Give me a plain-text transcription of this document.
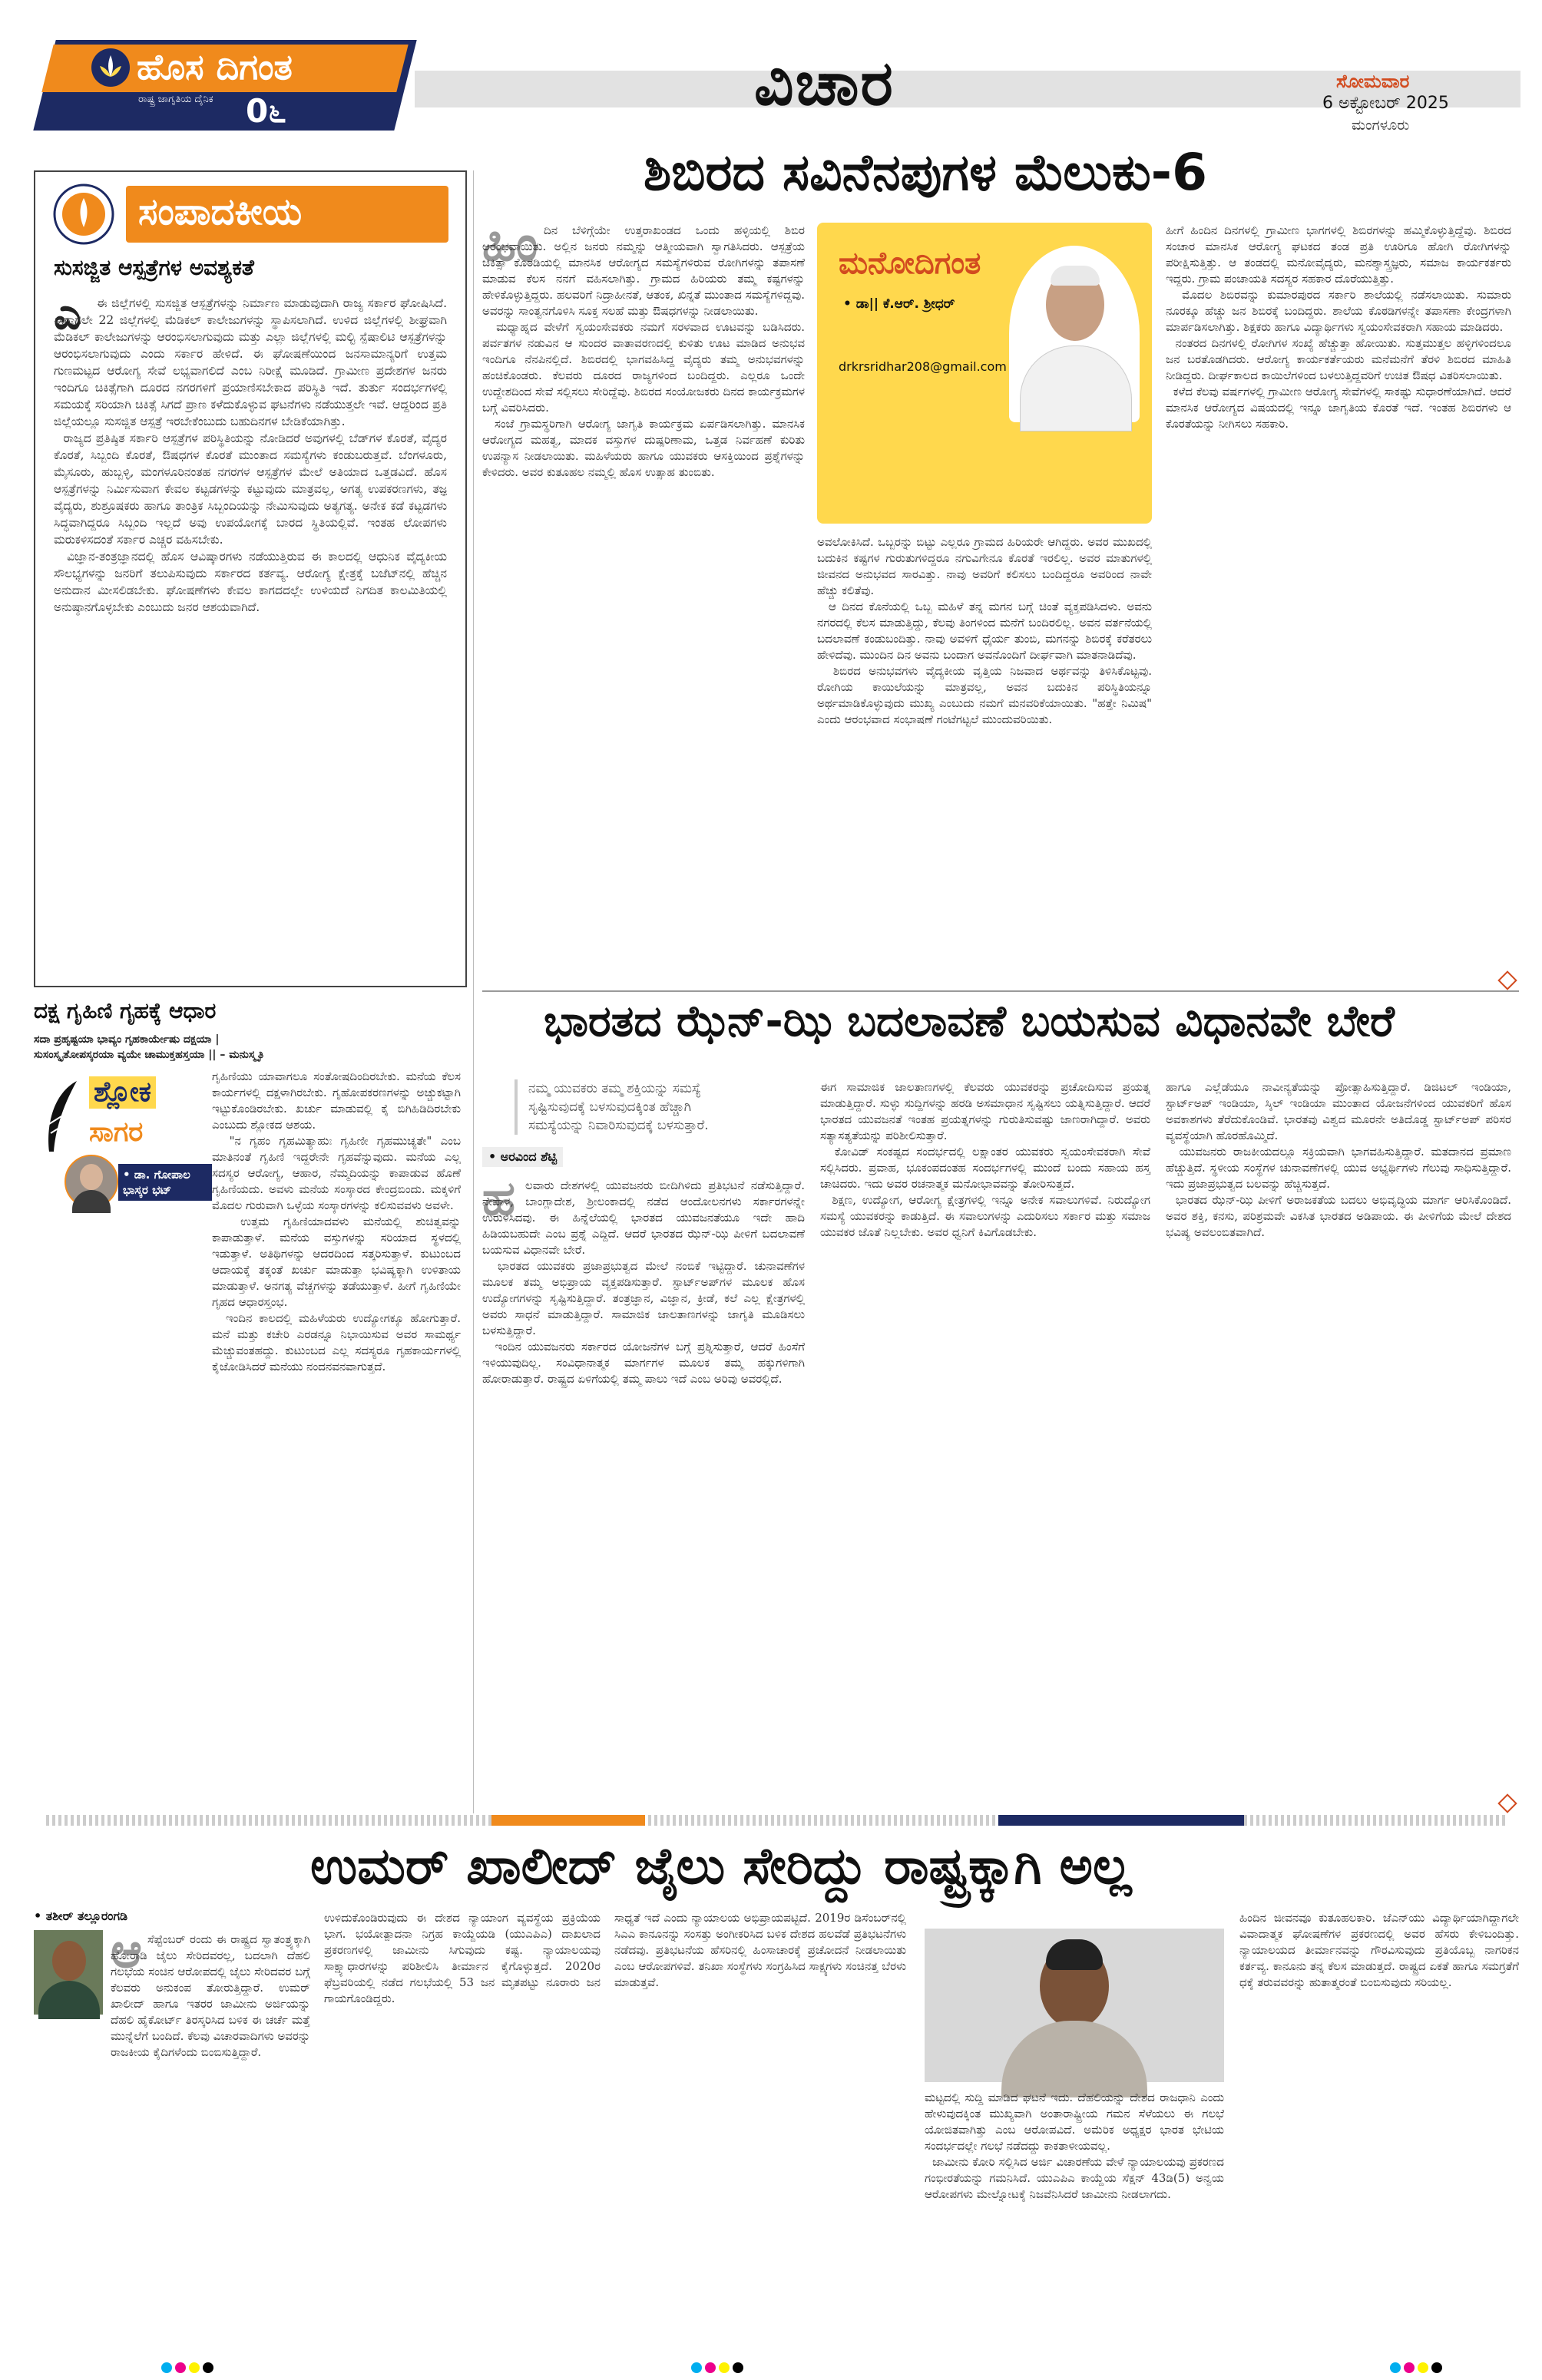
ಹೊಸ ದಿಗಂತ
ರಾಷ್ಟ್ರ ಜಾಗೃತಿಯ ದೈನಿಕ 0೬	ವಿಚಾರ	ಸೋಮವಾರ
6 ಅಕ್ಟೋಬರ್ 2025
ಮಂಗಳೂರು
ಸಂಪಾದಕೀಯ
ಸುಸಜ್ಜಿತ ಆಸ್ಪತ್ರೆಗಳ ಅವಶ್ಯಕತೆ
ಎ	ಈ ಜಿಲ್ಲೆಗಳಲ್ಲಿ ಸುಸಜ್ಜಿತ ಆಸ್ಪತ್ರೆಗಳನ್ನು ನಿರ್ಮಾಣ ಮಾಡುವುದಾಗಿ ರಾಜ್ಯ ಸರ್ಕಾರ ಘೋಷಿಸಿದೆ. ಈಗಾಗಲೇ 22 ಜಿಲ್ಲೆಗಳಲ್ಲಿ ಮೆಡಿಕಲ್ ಕಾಲೇಜುಗಳನ್ನು ಸ್ಥಾಪಿಸಲಾಗಿದೆ. ಉಳಿದ ಜಿಲ್ಲೆಗಳಲ್ಲಿ ಶೀಘ್ರವಾಗಿ ಮೆಡಿಕಲ್ ಕಾಲೇಜುಗಳನ್ನು ಆರಂಭಿಸಲಾಗುವುದು ಮತ್ತು ಎಲ್ಲಾ ಜಿಲ್ಲೆಗಳಲ್ಲಿ ಮಲ್ಟಿ ಸ್ಪೆಷಾಲಿಟಿ ಆಸ್ಪತ್ರೆಗಳನ್ನು ಆರಂಭಿಸಲಾಗುವುದು ಎಂದು ಸರ್ಕಾರ ಹೇಳಿದೆ. ಈ ಘೋಷಣೆಯಿಂದ ಜನಸಾಮಾನ್ಯರಿಗೆ ಉತ್ತಮ ಗುಣಮಟ್ಟದ ಆರೋಗ್ಯ ಸೇವೆ ಲಭ್ಯವಾಗಲಿದೆ ಎಂಬ ನಿರೀಕ್ಷೆ ಮೂಡಿದೆ. ಗ್ರಾಮೀಣ ಪ್ರದೇಶಗಳ ಜನರು ಇಂದಿಗೂ ಚಿಕಿತ್ಸೆಗಾಗಿ ದೂರದ ನಗರಗಳಿಗೆ ಪ್ರಯಾಣಿಸಬೇಕಾದ ಪರಿಸ್ಥಿತಿ ಇದೆ. ತುರ್ತು ಸಂದರ್ಭಗಳಲ್ಲಿ ಸಮಯಕ್ಕೆ ಸರಿಯಾಗಿ ಚಿಕಿತ್ಸೆ ಸಿಗದೆ ಪ್ರಾಣ ಕಳೆದುಕೊಳ್ಳುವ ಘಟನೆಗಳು ನಡೆಯುತ್ತಲೇ ಇವೆ. ಆದ್ದರಿಂದ ಪ್ರತಿ ಜಿಲ್ಲೆಯಲ್ಲೂ ಸುಸಜ್ಜಿತ ಆಸ್ಪತ್ರೆ ಇರಬೇಕೆಂಬುದು ಬಹುದಿನಗಳ ಬೇಡಿಕೆಯಾಗಿತ್ತು.
ರಾಜ್ಯದ ಪ್ರತಿಷ್ಠಿತ ಸರ್ಕಾರಿ ಆಸ್ಪತ್ರೆಗಳ ಪರಿಸ್ಥಿತಿಯನ್ನು ನೋಡಿದರೆ ಅವುಗಳಲ್ಲಿ ಬೆಡ್‌ಗಳ ಕೊರತೆ, ವೈದ್ಯರ ಕೊರತೆ, ಸಿಬ್ಬಂದಿ ಕೊರತೆ, ಔಷಧಗಳ ಕೊರತೆ ಮುಂತಾದ ಸಮಸ್ಯೆಗಳು ಕಂಡುಬರುತ್ತವೆ. ಬೆಂಗಳೂರು, ಮೈಸೂರು, ಹುಬ್ಬಳ್ಳಿ, ಮಂಗಳೂರಿನಂತಹ ನಗರಗಳ ಆಸ್ಪತ್ರೆಗಳ ಮೇಲೆ ಅತಿಯಾದ ಒತ್ತಡವಿದೆ. ಹೊಸ ಆಸ್ಪತ್ರೆಗಳನ್ನು ನಿರ್ಮಿಸುವಾಗ ಕೇವಲ ಕಟ್ಟಡಗಳನ್ನು ಕಟ್ಟುವುದು ಮಾತ್ರವಲ್ಲ, ಅಗತ್ಯ ಉಪಕರಣಗಳು, ತಜ್ಞ ವೈದ್ಯರು, ಶುಶ್ರೂಷಕರು ಹಾಗೂ ತಾಂತ್ರಿಕ ಸಿಬ್ಬಂದಿಯನ್ನು ನೇಮಿಸುವುದು ಅತ್ಯಗತ್ಯ. ಅನೇಕ ಕಡೆ ಕಟ್ಟಡಗಳು ಸಿದ್ಧವಾಗಿದ್ದರೂ ಸಿಬ್ಬಂದಿ ಇಲ್ಲದೆ ಅವು ಉಪಯೋಗಕ್ಕೆ ಬಾರದ ಸ್ಥಿತಿಯಲ್ಲಿವೆ. ಇಂತಹ ಲೋಪಗಳು ಮರುಕಳಿಸದಂತೆ ಸರ್ಕಾರ ಎಚ್ಚರ ವಹಿಸಬೇಕು.
ವಿಜ್ಞಾನ-ತಂತ್ರಜ್ಞಾನದಲ್ಲಿ ಹೊಸ ಆವಿಷ್ಕಾರಗಳು ನಡೆಯುತ್ತಿರುವ ಈ ಕಾಲದಲ್ಲಿ ಆಧುನಿಕ ವೈದ್ಯಕೀಯ ಸೌಲಭ್ಯಗಳನ್ನು ಜನರಿಗೆ ತಲುಪಿಸುವುದು ಸರ್ಕಾರದ ಕರ್ತವ್ಯ. ಆರೋಗ್ಯ ಕ್ಷೇತ್ರಕ್ಕೆ ಬಜೆಟ್‌ನಲ್ಲಿ ಹೆಚ್ಚಿನ ಅನುದಾನ ಮೀಸಲಿಡಬೇಕು. ಘೋಷಣೆಗಳು ಕೇವಲ ಕಾಗದದಲ್ಲೇ ಉಳಿಯದೆ ನಿಗದಿತ ಕಾಲಮಿತಿಯಲ್ಲಿ ಅನುಷ್ಠಾನಗೊಳ್ಳಬೇಕು ಎಂಬುದು ಜನರ ಆಶಯವಾಗಿದೆ.
ದಕ್ಷ ಗೃಹಿಣಿ ಗೃಹಕ್ಕೆ ಆಧಾರ
ಸದಾ ಪ್ರಹೃಷ್ಟಯಾ ಭಾವ್ಯಂ ಗೃಹಕಾರ್ಯೇಷು ದಕ್ಷಯಾ |
ಸುಸಂಸ್ಕೃತೋಪಸ್ಕರಯಾ ವ್ಯಯೇ ಚಾಮುಕ್ತಹಸ್ತಯಾ || – ಮನುಸ್ಮೃತಿ
ಶ್ಲೋಕ
ಸಾಗರ
• ಡಾ. ಗೋಪಾಲ ಭಾಸ್ಕರ ಭಟ್
ಗೃಹಿಣಿಯು ಯಾವಾಗಲೂ ಸಂತೋಷದಿಂದಿರಬೇಕು. ಮನೆಯ ಕೆಲಸ ಕಾರ್ಯಗಳಲ್ಲಿ ದಕ್ಷಳಾಗಿರಬೇಕು. ಗೃಹೋಪಕರಣಗಳನ್ನು ಅಚ್ಚುಕಟ್ಟಾಗಿ ಇಟ್ಟುಕೊಂಡಿರಬೇಕು. ಖರ್ಚು ಮಾಡುವಲ್ಲಿ ಕೈ ಬಿಗಿಹಿಡಿದಿರಬೇಕು ಎಂಬುದು ಶ್ಲೋಕದ ಆಶಯ.
"ನ ಗೃಹಂ ಗೃಹಮಿತ್ಯಾಹುಃ ಗೃಹಿಣೀ ಗೃಹಮುಚ್ಯತೇ" ಎಂಬ ಮಾತಿನಂತೆ ಗೃಹಿಣಿ ಇದ್ದರೇನೇ ಗೃಹವೆನ್ನುವುದು. ಮನೆಯ ಎಲ್ಲ ಸದಸ್ಯರ ಆರೋಗ್ಯ, ಆಹಾರ, ನೆಮ್ಮದಿಯನ್ನು ಕಾಪಾಡುವ ಹೊಣೆ ಗೃಹಿಣಿಯದು. ಅವಳು ಮನೆಯ ಸಂಸ್ಕಾರದ ಕೇಂದ್ರಬಿಂದು. ಮಕ್ಕಳಿಗೆ ಮೊದಲ ಗುರುವಾಗಿ ಒಳ್ಳೆಯ ಸಂಸ್ಕಾರಗಳನ್ನು ಕಲಿಸುವವಳು ಅವಳೇ.
ಉತ್ತಮ ಗೃಹಿಣಿಯಾದವಳು ಮನೆಯಲ್ಲಿ ಶುಚಿತ್ವವನ್ನು ಕಾಪಾಡುತ್ತಾಳೆ. ಮನೆಯ ವಸ್ತುಗಳನ್ನು ಸರಿಯಾದ ಸ್ಥಳದಲ್ಲಿ ಇಡುತ್ತಾಳೆ. ಅತಿಥಿಗಳನ್ನು ಆದರದಿಂದ ಸತ್ಕರಿಸುತ್ತಾಳೆ. ಕುಟುಂಬದ ಆದಾಯಕ್ಕೆ ತಕ್ಕಂತೆ ಖರ್ಚು ಮಾಡುತ್ತಾ ಭವಿಷ್ಯಕ್ಕಾಗಿ ಉಳಿತಾಯ ಮಾಡುತ್ತಾಳೆ. ಅನಗತ್ಯ ವೆಚ್ಚಗಳನ್ನು ತಡೆಯುತ್ತಾಳೆ. ಹೀಗೆ ಗೃಹಿಣಿಯೇ ಗೃಹದ ಆಧಾರಸ್ತಂಭ.
ಇಂದಿನ ಕಾಲದಲ್ಲಿ ಮಹಿಳೆಯರು ಉದ್ಯೋಗಕ್ಕೂ ಹೋಗುತ್ತಾರೆ. ಮನೆ ಮತ್ತು ಕಚೇರಿ ಎರಡನ್ನೂ ನಿಭಾಯಿಸುವ ಅವರ ಸಾಮರ್ಥ್ಯ ಮೆಚ್ಚುವಂತಹದ್ದು. ಕುಟುಂಬದ ಎಲ್ಲ ಸದಸ್ಯರೂ ಗೃಹಕಾರ್ಯಗಳಲ್ಲಿ ಕೈಜೋಡಿಸಿದರೆ ಮನೆಯು ನಂದನವನವಾಗುತ್ತದೆ.
ಶಿಬಿರದ ಸವಿನೆನಪುಗಳ ಮೆಲುಕು-6
ಹಿಂ ದಿನ ಬೆಳಿಗ್ಗೆಯೇ ಉತ್ತರಾಖಂಡದ ಒಂದು ಹಳ್ಳಿಯಲ್ಲಿ ಶಿಬಿರ ಆರಂಭವಾಯಿತು. ಅಲ್ಲಿನ ಜನರು ನಮ್ಮನ್ನು ಆತ್ಮೀಯವಾಗಿ ಸ್ವಾಗತಿಸಿದರು. ಆಸ್ಪತ್ರೆಯ ಚಿಕಿತ್ಸಾ ಕೊಠಡಿಯಲ್ಲಿ ಮಾನಸಿಕ ಆರೋಗ್ಯದ ಸಮಸ್ಯೆಗಳಿರುವ ರೋಗಿಗಳನ್ನು ತಪಾಸಣೆ ಮಾಡುವ ಕೆಲಸ ನನಗೆ ವಹಿಸಲಾಗಿತ್ತು. ಗ್ರಾಮದ ಹಿರಿಯರು ತಮ್ಮ ಕಷ್ಟಗಳನ್ನು ಹೇಳಿಕೊಳ್ಳುತ್ತಿದ್ದರು. ಹಲವರಿಗೆ ನಿದ್ರಾಹೀನತೆ, ಆತಂಕ, ಖಿನ್ನತೆ ಮುಂತಾದ ಸಮಸ್ಯೆಗಳಿದ್ದವು. ಅವರನ್ನು ಸಾಂತ್ವನಗೊಳಿಸಿ ಸೂಕ್ತ ಸಲಹೆ ಮತ್ತು ಔಷಧಗಳನ್ನು ನೀಡಲಾಯಿತು.
ಮಧ್ಯಾಹ್ನದ ವೇಳೆಗೆ ಸ್ವಯಂಸೇವಕರು ನಮಗೆ ಸರಳವಾದ ಊಟವನ್ನು ಬಡಿಸಿದರು. ಪರ್ವತಗಳ ನಡುವಿನ ಆ ಸುಂದರ ವಾತಾವರಣದಲ್ಲಿ ಕುಳಿತು ಊಟ ಮಾಡಿದ ಅನುಭವ ಇಂದಿಗೂ ನೆನಪಿನಲ್ಲಿದೆ. ಶಿಬಿರದಲ್ಲಿ ಭಾಗವಹಿಸಿದ್ದ ವೈದ್ಯರು ತಮ್ಮ ಅನುಭವಗಳನ್ನು ಹಂಚಿಕೊಂಡರು. ಕೆಲವರು ದೂರದ ರಾಜ್ಯಗಳಿಂದ ಬಂದಿದ್ದರು. ಎಲ್ಲರೂ ಒಂದೇ ಉದ್ದೇಶದಿಂದ ಸೇವೆ ಸಲ್ಲಿಸಲು ಸೇರಿದ್ದೆವು. ಶಿಬಿರದ ಸಂಯೋಜಕರು ದಿನದ ಕಾರ್ಯಕ್ರಮಗಳ ಬಗ್ಗೆ ವಿವರಿಸಿದರು.
ಸಂಜೆ ಗ್ರಾಮಸ್ಥರಿಗಾಗಿ ಆರೋಗ್ಯ ಜಾಗೃತಿ ಕಾರ್ಯಕ್ರಮ ಏರ್ಪಡಿಸಲಾಗಿತ್ತು. ಮಾನಸಿಕ ಆರೋಗ್ಯದ ಮಹತ್ವ, ಮಾದಕ ವಸ್ತುಗಳ ದುಷ್ಪರಿಣಾಮ, ಒತ್ತಡ ನಿರ್ವಹಣೆ ಕುರಿತು ಉಪನ್ಯಾಸ ನೀಡಲಾಯಿತು. ಮಹಿಳೆಯರು ಹಾಗೂ ಯುವಕರು ಆಸಕ್ತಿಯಿಂದ ಪ್ರಶ್ನೆಗಳನ್ನು ಕೇಳಿದರು. ಅವರ ಕುತೂಹಲ ನಮ್ಮಲ್ಲಿ ಹೊಸ ಉತ್ಸಾಹ ತುಂಬಿತು.
ಮನೋದಿಗಂತ
• ಡಾ|| ಕೆ.ಆರ್. ಶ್ರೀಧರ್
drkrsridhar208@gmail.com
ಅವಲೋಕಿಸಿದೆ. ಒಬ್ಬರನ್ನು ಬಿಟ್ಟು ಎಲ್ಲರೂ ಗ್ರಾಮದ ಹಿರಿಯರೇ ಆಗಿದ್ದರು. ಅವರ ಮುಖದಲ್ಲಿ ಬದುಕಿನ ಕಷ್ಟಗಳ ಗುರುತುಗಳಿದ್ದರೂ ನಗುವಿಗೇನೂ ಕೊರತೆ ಇರಲಿಲ್ಲ. ಅವರ ಮಾತುಗಳಲ್ಲಿ ಜೀವನದ ಅನುಭವದ ಸಾರವಿತ್ತು. ನಾವು ಅವರಿಗೆ ಕಲಿಸಲು ಬಂದಿದ್ದರೂ ಅವರಿಂದ ನಾವೇ ಹೆಚ್ಚು ಕಲಿತೆವು.
ಆ ದಿನದ ಕೊನೆಯಲ್ಲಿ ಒಬ್ಬ ಮಹಿಳೆ ತನ್ನ ಮಗನ ಬಗ್ಗೆ ಚಿಂತೆ ವ್ಯಕ್ತಪಡಿಸಿದಳು. ಅವನು ನಗರದಲ್ಲಿ ಕೆಲಸ ಮಾಡುತ್ತಿದ್ದು, ಕೆಲವು ತಿಂಗಳಿಂದ ಮನೆಗೆ ಬಂದಿರಲಿಲ್ಲ. ಅವನ ವರ್ತನೆಯಲ್ಲಿ ಬದಲಾವಣೆ ಕಂಡುಬಂದಿತ್ತು. ನಾವು ಅವಳಿಗೆ ಧೈರ್ಯ ತುಂಬಿ, ಮಗನನ್ನು ಶಿಬಿರಕ್ಕೆ ಕರೆತರಲು ಹೇಳಿದೆವು. ಮುಂದಿನ ದಿನ ಅವನು ಬಂದಾಗ ಅವನೊಂದಿಗೆ ದೀರ್ಘವಾಗಿ ಮಾತನಾಡಿದೆವು.
ಶಿಬಿರದ ಅನುಭವಗಳು ವೈದ್ಯಕೀಯ ವೃತ್ತಿಯ ನಿಜವಾದ ಅರ್ಥವನ್ನು ತಿಳಿಸಿಕೊಟ್ಟವು. ರೋಗಿಯ ಕಾಯಿಲೆಯನ್ನು ಮಾತ್ರವಲ್ಲ, ಅವನ ಬದುಕಿನ ಪರಿಸ್ಥಿತಿಯನ್ನೂ ಅರ್ಥಮಾಡಿಕೊಳ್ಳುವುದು ಮುಖ್ಯ ಎಂಬುದು ನಮಗೆ ಮನವರಿಕೆಯಾಯಿತು. "ಹತ್ತೇ ನಿಮಿಷ" ಎಂದು ಆರಂಭವಾದ ಸಂಭಾಷಣೆ ಗಂಟೆಗಟ್ಟಲೆ ಮುಂದುವರಿಯಿತು.
ಹೀಗೆ ಹಿಂದಿನ ದಿನಗಳಲ್ಲಿ ಗ್ರಾಮೀಣ ಭಾಗಗಳಲ್ಲಿ ಶಿಬಿರಗಳನ್ನು ಹಮ್ಮಿಕೊಳ್ಳುತ್ತಿದ್ದೆವು. ಶಿಬಿರದ ಸಂಚಾರ ಮಾನಸಿಕ ಆರೋಗ್ಯ ಘಟಕದ ತಂಡ ಪ್ರತಿ ಊರಿಗೂ ಹೋಗಿ ರೋಗಿಗಳನ್ನು ಪರೀಕ್ಷಿಸುತ್ತಿತ್ತು. ಆ ತಂಡದಲ್ಲಿ ಮನೋವೈದ್ಯರು, ಮನಶ್ಶಾಸ್ತ್ರಜ್ಞರು, ಸಮಾಜ ಕಾರ್ಯಕರ್ತರು ಇದ್ದರು. ಗ್ರಾಮ ಪಂಚಾಯತಿ ಸದಸ್ಯರ ಸಹಕಾರ ದೊರೆಯುತ್ತಿತ್ತು.
ಮೊದಲ ಶಿಬಿರವನ್ನು ಕುಮಾರಪುರದ ಸರ್ಕಾರಿ ಶಾಲೆಯಲ್ಲಿ ನಡೆಸಲಾಯಿತು. ಸುಮಾರು ನೂರಕ್ಕೂ ಹೆಚ್ಚು ಜನ ಶಿಬಿರಕ್ಕೆ ಬಂದಿದ್ದರು. ಶಾಲೆಯ ಕೊಠಡಿಗಳನ್ನೇ ತಪಾಸಣಾ ಕೇಂದ್ರಗಳಾಗಿ ಮಾರ್ಪಡಿಸಲಾಗಿತ್ತು. ಶಿಕ್ಷಕರು ಹಾಗೂ ವಿದ್ಯಾರ್ಥಿಗಳು ಸ್ವಯಂಸೇವಕರಾಗಿ ಸಹಾಯ ಮಾಡಿದರು.
ನಂತರದ ದಿನಗಳಲ್ಲಿ ರೋಗಿಗಳ ಸಂಖ್ಯೆ ಹೆಚ್ಚುತ್ತಾ ಹೋಯಿತು. ಸುತ್ತಮುತ್ತಲ ಹಳ್ಳಿಗಳಿಂದಲೂ ಜನ ಬರತೊಡಗಿದರು. ಆರೋಗ್ಯ ಕಾರ್ಯಕರ್ತೆಯರು ಮನೆಮನೆಗೆ ತೆರಳಿ ಶಿಬಿರದ ಮಾಹಿತಿ ನೀಡಿದ್ದರು. ದೀರ್ಘಕಾಲದ ಕಾಯಿಲೆಗಳಿಂದ ಬಳಲುತ್ತಿದ್ದವರಿಗೆ ಉಚಿತ ಔಷಧ ವಿತರಿಸಲಾಯಿತು.
ಕಳೆದ ಕೆಲವು ವರ್ಷಗಳಲ್ಲಿ ಗ್ರಾಮೀಣ ಆರೋಗ್ಯ ಸೇವೆಗಳಲ್ಲಿ ಸಾಕಷ್ಟು ಸುಧಾರಣೆಯಾಗಿದೆ. ಆದರೆ ಮಾನಸಿಕ ಆರೋಗ್ಯದ ವಿಷಯದಲ್ಲಿ ಇನ್ನೂ ಜಾಗೃತಿಯ ಕೊರತೆ ಇದೆ. ಇಂತಹ ಶಿಬಿರಗಳು ಆ ಕೊರತೆಯನ್ನು ನೀಗಿಸಲು ಸಹಕಾರಿ.
ಭಾರತದ ಝೆನ್-ಝಿ ಬದಲಾವಣೆ ಬಯಸುವ ವಿಧಾನವೇ ಬೇರೆ
ನಮ್ಮ ಯುವಕರು ತಮ್ಮ ಶಕ್ತಿಯನ್ನು ಸಮಸ್ಯೆ
ಸೃಷ್ಟಿಸುವುದಕ್ಕೆ ಬಳಸುವುದಕ್ಕಿಂತ ಹೆಚ್ಚಾಗಿ
ಸಮಸ್ಯೆಯನ್ನು ನಿವಾರಿಸುವುದಕ್ಕೆ ಬಳಸುತ್ತಾರೆ.
• ಅರವಿಂದ ಶೆಟ್ಟಿ
ಹ ಲವಾರು ದೇಶಗಳಲ್ಲಿ ಯುವಜನರು ಬೀದಿಗಿಳಿದು ಪ್ರತಿಭಟನೆ ನಡೆಸುತ್ತಿದ್ದಾರೆ. ನೇಪಾಳ, ಬಾಂಗ್ಲಾದೇಶ, ಶ್ರೀಲಂಕಾದಲ್ಲಿ ನಡೆದ ಆಂದೋಲನಗಳು ಸರ್ಕಾರಗಳನ್ನೇ ಉರುಳಿಸಿದವು. ಈ ಹಿನ್ನೆಲೆಯಲ್ಲಿ ಭಾರತದ ಯುವಜನತೆಯೂ ಇದೇ ಹಾದಿ ಹಿಡಿಯಬಹುದೇ ಎಂಬ ಪ್ರಶ್ನೆ ಎದ್ದಿದೆ. ಆದರೆ ಭಾರತದ ಝೆನ್-ಝಿ ಪೀಳಿಗೆ ಬದಲಾವಣೆ ಬಯಸುವ ವಿಧಾನವೇ ಬೇರೆ.
ಭಾರತದ ಯುವಕರು ಪ್ರಜಾಪ್ರಭುತ್ವದ ಮೇಲೆ ನಂಬಿಕೆ ಇಟ್ಟಿದ್ದಾರೆ. ಚುನಾವಣೆಗಳ ಮೂಲಕ ತಮ್ಮ ಅಭಿಪ್ರಾಯ ವ್ಯಕ್ತಪಡಿಸುತ್ತಾರೆ. ಸ್ಟಾರ್ಟ್‌ಅಪ್‌ಗಳ ಮೂಲಕ ಹೊಸ ಉದ್ಯೋಗಗಳನ್ನು ಸೃಷ್ಟಿಸುತ್ತಿದ್ದಾರೆ. ತಂತ್ರಜ್ಞಾನ, ವಿಜ್ಞಾನ, ಕ್ರೀಡೆ, ಕಲೆ ಎಲ್ಲ ಕ್ಷೇತ್ರಗಳಲ್ಲಿ ಅವರು ಸಾಧನೆ ಮಾಡುತ್ತಿದ್ದಾರೆ. ಸಾಮಾಜಿಕ ಜಾಲತಾಣಗಳನ್ನು ಜಾಗೃತಿ ಮೂಡಿಸಲು ಬಳಸುತ್ತಿದ್ದಾರೆ.
ಇಂದಿನ ಯುವಜನರು ಸರ್ಕಾರದ ಯೋಜನೆಗಳ ಬಗ್ಗೆ ಪ್ರಶ್ನಿಸುತ್ತಾರೆ, ಆದರೆ ಹಿಂಸೆಗೆ ಇಳಿಯುವುದಿಲ್ಲ. ಸಂವಿಧಾನಾತ್ಮಕ ಮಾರ್ಗಗಳ ಮೂಲಕ ತಮ್ಮ ಹಕ್ಕುಗಳಿಗಾಗಿ ಹೋರಾಡುತ್ತಾರೆ. ರಾಷ್ಟ್ರದ ಏಳಿಗೆಯಲ್ಲಿ ತಮ್ಮ ಪಾಲು ಇದೆ ಎಂಬ ಅರಿವು ಅವರಲ್ಲಿದೆ.
ಈಗ ಸಾಮಾಜಿಕ ಜಾಲತಾಣಗಳಲ್ಲಿ ಕೆಲವರು ಯುವಕರನ್ನು ಪ್ರಚೋದಿಸುವ ಪ್ರಯತ್ನ ಮಾಡುತ್ತಿದ್ದಾರೆ. ಸುಳ್ಳು ಸುದ್ದಿಗಳನ್ನು ಹರಡಿ ಅಸಮಾಧಾನ ಸೃಷ್ಟಿಸಲು ಯತ್ನಿಸುತ್ತಿದ್ದಾರೆ. ಆದರೆ ಭಾರತದ ಯುವಜನತೆ ಇಂತಹ ಪ್ರಯತ್ನಗಳನ್ನು ಗುರುತಿಸುವಷ್ಟು ಜಾಣರಾಗಿದ್ದಾರೆ. ಅವರು ಸತ್ಯಾಸತ್ಯತೆಯನ್ನು ಪರಿಶೀಲಿಸುತ್ತಾರೆ.
ಕೋವಿಡ್ ಸಂಕಷ್ಟದ ಸಂದರ್ಭದಲ್ಲಿ ಲಕ್ಷಾಂತರ ಯುವಕರು ಸ್ವಯಂಸೇವಕರಾಗಿ ಸೇವೆ ಸಲ್ಲಿಸಿದರು. ಪ್ರವಾಹ, ಭೂಕಂಪದಂತಹ ಸಂದರ್ಭಗಳಲ್ಲಿ ಮುಂದೆ ಬಂದು ಸಹಾಯ ಹಸ್ತ ಚಾಚಿದರು. ಇದು ಅವರ ರಚನಾತ್ಮಕ ಮನೋಭಾವವನ್ನು ತೋರಿಸುತ್ತದೆ.
ಶಿಕ್ಷಣ, ಉದ್ಯೋಗ, ಆರೋಗ್ಯ ಕ್ಷೇತ್ರಗಳಲ್ಲಿ ಇನ್ನೂ ಅನೇಕ ಸವಾಲುಗಳಿವೆ. ನಿರುದ್ಯೋಗ ಸಮಸ್ಯೆ ಯುವಕರನ್ನು ಕಾಡುತ್ತಿದೆ. ಈ ಸವಾಲುಗಳನ್ನು ಎದುರಿಸಲು ಸರ್ಕಾರ ಮತ್ತು ಸಮಾಜ ಯುವಕರ ಜೊತೆ ನಿಲ್ಲಬೇಕು. ಅವರ ಧ್ವನಿಗೆ ಕಿವಿಗೊಡಬೇಕು.
ಹಾಗೂ ಎಲ್ಲೆಡೆಯೂ ನಾವೀನ್ಯತೆಯನ್ನು ಪ್ರೋತ್ಸಾಹಿಸುತ್ತಿದ್ದಾರೆ. ಡಿಜಿಟಲ್ ಇಂಡಿಯಾ, ಸ್ಟಾರ್ಟ್‌ಅಪ್ ಇಂಡಿಯಾ, ಸ್ಕಿಲ್ ಇಂಡಿಯಾ ಮುಂತಾದ ಯೋಜನೆಗಳಿಂದ ಯುವಕರಿಗೆ ಹೊಸ ಅವಕಾಶಗಳು ತೆರೆದುಕೊಂಡಿವೆ. ಭಾರತವು ವಿಶ್ವದ ಮೂರನೇ ಅತಿದೊಡ್ಡ ಸ್ಟಾರ್ಟ್‌ಅಪ್ ಪರಿಸರ ವ್ಯವಸ್ಥೆಯಾಗಿ ಹೊರಹೊಮ್ಮಿದೆ.
ಯುವಜನರು ರಾಜಕೀಯದಲ್ಲೂ ಸಕ್ರಿಯವಾಗಿ ಭಾಗವಹಿಸುತ್ತಿದ್ದಾರೆ. ಮತದಾನದ ಪ್ರಮಾಣ ಹೆಚ್ಚುತ್ತಿದೆ. ಸ್ಥಳೀಯ ಸಂಸ್ಥೆಗಳ ಚುನಾವಣೆಗಳಲ್ಲಿ ಯುವ ಅಭ್ಯರ್ಥಿಗಳು ಗೆಲುವು ಸಾಧಿಸುತ್ತಿದ್ದಾರೆ. ಇದು ಪ್ರಜಾಪ್ರಭುತ್ವದ ಬಲವನ್ನು ಹೆಚ್ಚಿಸುತ್ತದೆ.
ಭಾರತದ ಝೆನ್-ಝಿ ಪೀಳಿಗೆ ಅರಾಜಕತೆಯ ಬದಲು ಅಭಿವೃದ್ಧಿಯ ಮಾರ್ಗ ಆರಿಸಿಕೊಂಡಿದೆ. ಅವರ ಶಕ್ತಿ, ಕನಸು, ಪರಿಶ್ರಮವೇ ವಿಕಸಿತ ಭಾರತದ ಅಡಿಪಾಯ. ಈ ಪೀಳಿಗೆಯ ಮೇಲೆ ದೇಶದ ಭವಿಷ್ಯ ಅವಲಂಬಿತವಾಗಿದೆ.
ಉಮರ್ ಖಾಲೀದ್ ಜೈಲು ಸೇರಿದ್ದು ರಾಷ್ಟ್ರಕ್ಕಾಗಿ ಅಲ್ಲ
• ತಶೀರ್ ತಲ್ಲೂರಂಗಡಿ
ಆ ಸೆಪ್ಟೆಂಬರ್ ರಂದು ಈ ರಾಷ್ಟ್ರದ ಸ್ವಾತಂತ್ರ್ಯಕ್ಕಾಗಿ ಹೋರಾಡಿ ಜೈಲು ಸೇರಿದವರಲ್ಲ, ಬದಲಾಗಿ ದೆಹಲಿ ಗಲಭೆಯ ಸಂಚಿನ ಆರೋಪದಲ್ಲಿ ಜೈಲು ಸೇರಿದವರ ಬಗ್ಗೆ ಕೆಲವರು ಅನುಕಂಪ ತೋರುತ್ತಿದ್ದಾರೆ. ಉಮರ್ ಖಾಲೀದ್ ಹಾಗೂ ಇತರರ ಜಾಮೀನು ಅರ್ಜಿಯನ್ನು ದೆಹಲಿ ಹೈಕೋರ್ಟ್ ತಿರಸ್ಕರಿಸಿದ ಬಳಿಕ ಈ ಚರ್ಚೆ ಮತ್ತೆ ಮುನ್ನೆಲೆಗೆ ಬಂದಿದೆ. ಕೆಲವು ವಿಚಾರವಾದಿಗಳು ಅವರನ್ನು ರಾಜಕೀಯ ಕೈದಿಗಳೆಂದು ಬಿಂಬಿಸುತ್ತಿದ್ದಾರೆ.
ಉಳಿದುಕೊಂಡಿರುವುದು ಈ ದೇಶದ ನ್ಯಾಯಾಂಗ ವ್ಯವಸ್ಥೆಯ ಪ್ರಕ್ರಿಯೆಯ ಭಾಗ. ಭಯೋತ್ಪಾದನಾ ನಿಗ್ರಹ ಕಾಯ್ದೆಯಡಿ (ಯುಎಪಿಎ) ದಾಖಲಾದ ಪ್ರಕರಣಗಳಲ್ಲಿ ಜಾಮೀನು ಸಿಗುವುದು ಕಷ್ಟ. ನ್ಯಾಯಾಲಯವು ಸಾಕ್ಷ್ಯಾಧಾರಗಳನ್ನು ಪರಿಶೀಲಿಸಿ ತೀರ್ಮಾನ ಕೈಗೊಳ್ಳುತ್ತದೆ. 2020ರ ಫೆಬ್ರವರಿಯಲ್ಲಿ ನಡೆದ ಗಲಭೆಯಲ್ಲಿ 53 ಜನ ಮೃತಪಟ್ಟು ನೂರಾರು ಜನ ಗಾಯಗೊಂಡಿದ್ದರು.
ಸಾಧ್ಯತೆ ಇದೆ ಎಂದು ನ್ಯಾಯಾಲಯ ಅಭಿಪ್ರಾಯಪಟ್ಟಿದೆ. 2019ರ ಡಿಸೆಂಬರ್‌ನಲ್ಲಿ ಸಿಎಎ ಕಾನೂನನ್ನು ಸಂಸತ್ತು ಅಂಗೀಕರಿಸಿದ ಬಳಿಕ ದೇಶದ ಹಲವೆಡೆ ಪ್ರತಿಭಟನೆಗಳು ನಡೆದವು. ಪ್ರತಿಭಟನೆಯ ಹೆಸರಿನಲ್ಲಿ ಹಿಂಸಾಚಾರಕ್ಕೆ ಪ್ರಚೋದನೆ ನೀಡಲಾಯಿತು ಎಂಬ ಆರೋಪಗಳಿವೆ. ತನಿಖಾ ಸಂಸ್ಥೆಗಳು ಸಂಗ್ರಹಿಸಿದ ಸಾಕ್ಷ್ಯಗಳು ಸಂಚಿನತ್ತ ಬೆರಳು ಮಾಡುತ್ತವೆ.
ಮಟ್ಟದಲ್ಲಿ ಸುದ್ದಿ ಮಾಡಿದ ಘಟನೆ ಇದು. ದೆಹಲಿಯನ್ನು ದೇಶದ ರಾಜಧಾನಿ ಎಂದು ಹೇಳುವುದಕ್ಕಿಂತ ಮುಖ್ಯವಾಗಿ ಅಂತಾರಾಷ್ಟ್ರೀಯ ಗಮನ ಸೆಳೆಯಲು ಈ ಗಲಭೆ ಯೋಜಿತವಾಗಿತ್ತು ಎಂಬ ಆರೋಪವಿದೆ. ಅಮೆರಿಕ ಅಧ್ಯಕ್ಷರ ಭಾರತ ಭೇಟಿಯ ಸಂದರ್ಭದಲ್ಲೇ ಗಲಭೆ ನಡೆದದ್ದು ಕಾಕತಾಳೀಯವಲ್ಲ.
ಜಾಮೀನು ಕೋರಿ ಸಲ್ಲಿಸಿದ ಅರ್ಜಿ ವಿಚಾರಣೆಯ ವೇಳೆ ನ್ಯಾಯಾಲಯವು ಪ್ರಕರಣದ ಗಂಭೀರತೆಯನ್ನು ಗಮನಿಸಿದೆ. ಯುಎಪಿಎ ಕಾಯ್ದೆಯ ಸೆಕ್ಷನ್ 43ಡಿ(5) ಅನ್ವಯ ಆರೋಪಗಳು ಮೇಲ್ನೋಟಕ್ಕೆ ನಿಜವೆನಿಸಿದರೆ ಜಾಮೀನು ನೀಡಲಾಗದು.
ಹಿಂದಿನ ಜೀವನವೂ ಕುತೂಹಲಕಾರಿ. ಜೆಎನ್‌ಯು ವಿದ್ಯಾರ್ಥಿಯಾಗಿದ್ದಾಗಲೇ ವಿವಾದಾತ್ಮಕ ಘೋಷಣೆಗಳ ಪ್ರಕರಣದಲ್ಲಿ ಅವರ ಹೆಸರು ಕೇಳಿಬಂದಿತ್ತು. ನ್ಯಾಯಾಲಯದ ತೀರ್ಮಾನವನ್ನು ಗೌರವಿಸುವುದು ಪ್ರತಿಯೊಬ್ಬ ನಾಗರಿಕನ ಕರ್ತವ್ಯ. ಕಾನೂನು ತನ್ನ ಕೆಲಸ ಮಾಡುತ್ತದೆ. ರಾಷ್ಟ್ರದ ಏಕತೆ ಹಾಗೂ ಸಮಗ್ರತೆಗೆ ಧಕ್ಕೆ ತರುವವರನ್ನು ಹುತಾತ್ಮರಂತೆ ಬಿಂಬಿಸುವುದು ಸರಿಯಲ್ಲ.
